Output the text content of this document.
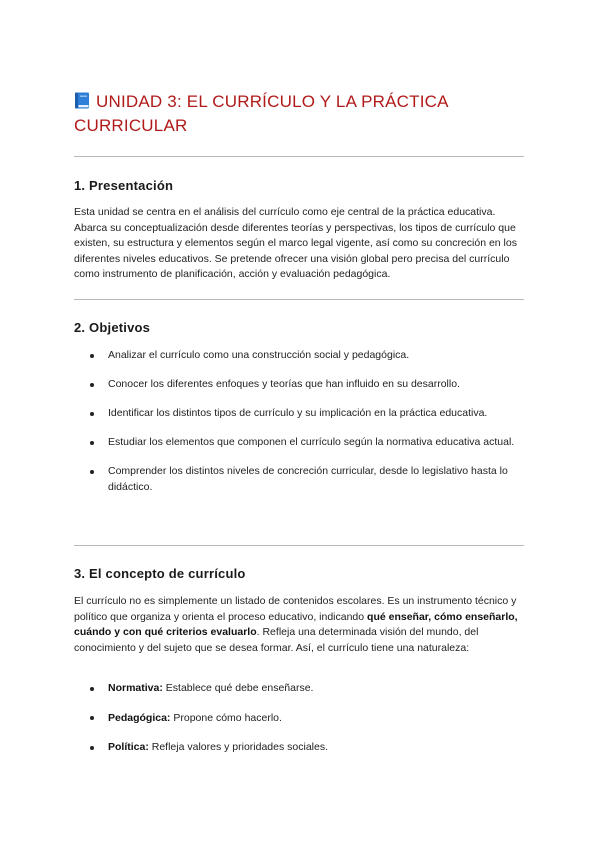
UNIDAD 3: EL CURRÍCULO Y LA PRÁCTICA CURRICULAR
1. Presentación
Esta unidad se centra en el análisis del currículo como eje central de la práctica educativa. Abarca su conceptualización desde diferentes teorías y perspectivas, los tipos de currículo que existen, su estructura y elementos según el marco legal vigente, así como su concreción en los diferentes niveles educativos. Se pretende ofrecer una visión global pero precisa del currículo como instrumento de planificación, acción y evaluación pedagógica.
2. Objetivos
Analizar el currículo como una construcción social y pedagógica.
Conocer los diferentes enfoques y teorías que han influido en su desarrollo.
Identificar los distintos tipos de currículo y su implicación en la práctica educativa.
Estudiar los elementos que componen el currículo según la normativa educativa actual.
Comprender los distintos niveles de concreción curricular, desde lo legislativo hasta lo didáctico.
3. El concepto de currículo
El currículo no es simplemente un listado de contenidos escolares. Es un instrumento técnico y político que organiza y orienta el proceso educativo, indicando qué enseñar, cómo enseñarlo, cuándo y con qué criterios evaluarlo. Refleja una determinada visión del mundo, del conocimiento y del sujeto que se desea formar. Así, el currículo tiene una naturaleza:
Normativa: Establece qué debe enseñarse.
Pedagógica: Propone cómo hacerlo.
Política: Refleja valores y prioridades sociales.
